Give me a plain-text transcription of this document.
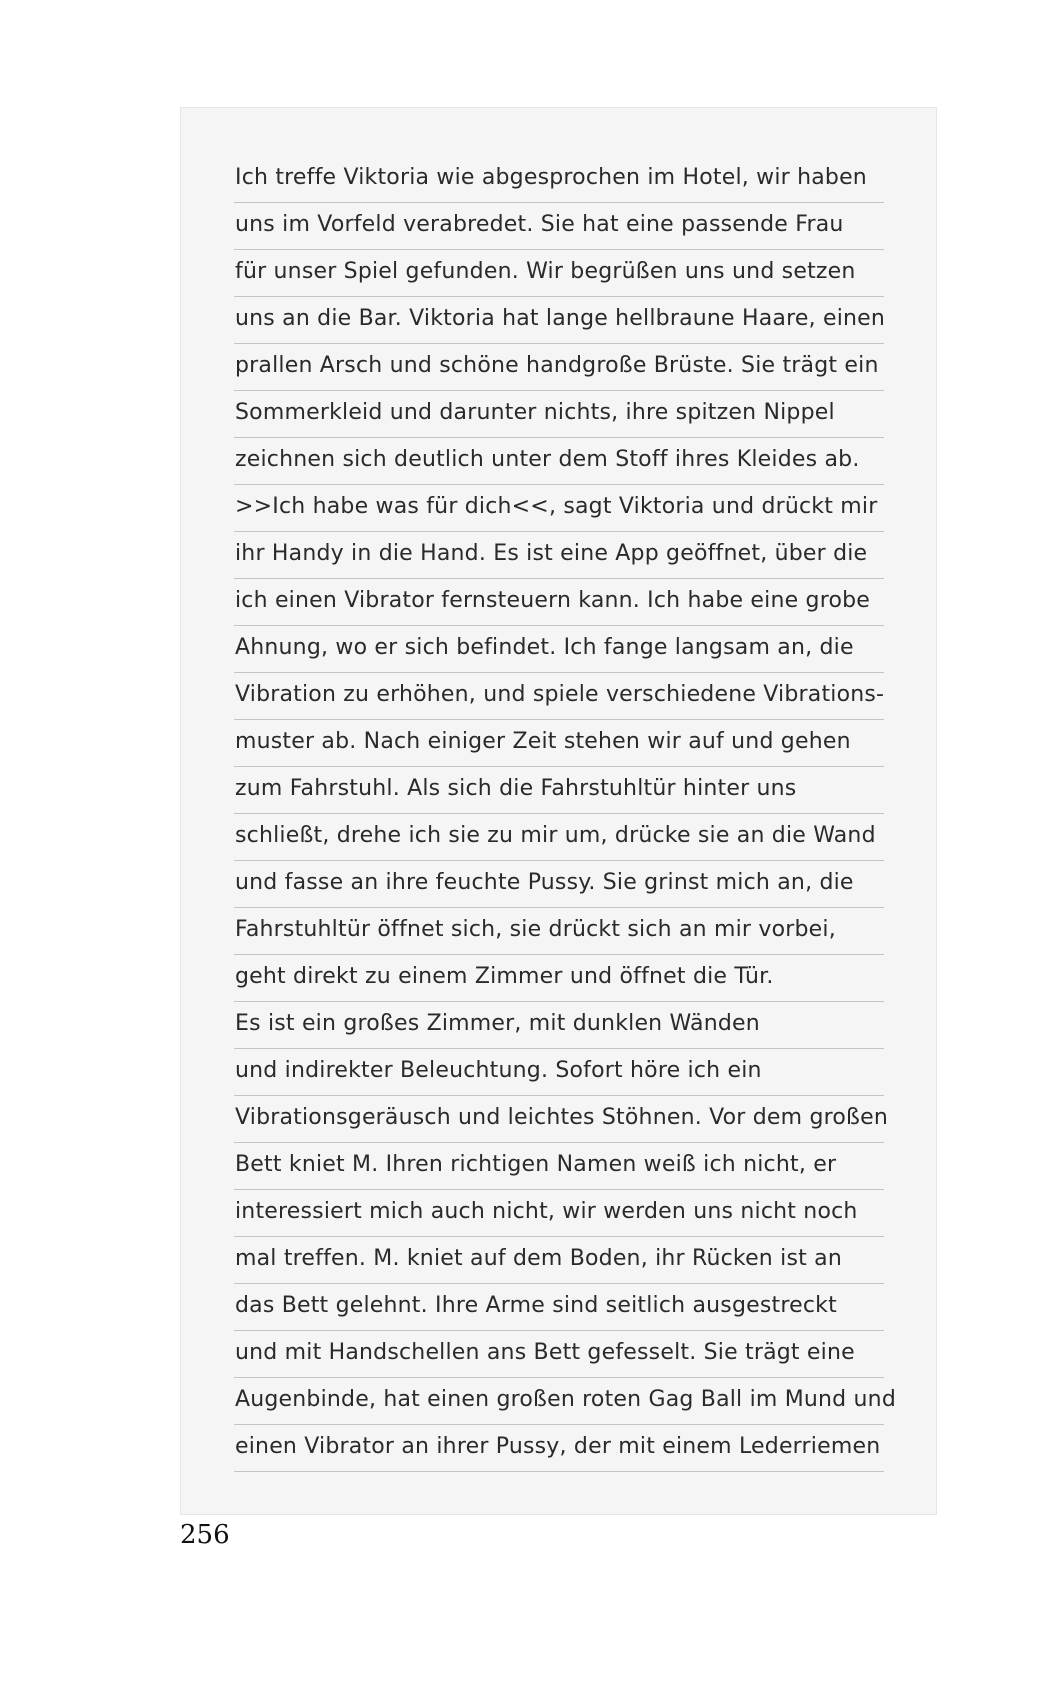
Ich treffe Viktoria wie abgesprochen im Hotel, wir haben
uns im Vorfeld verabredet. Sie hat eine passende Frau
für unser Spiel gefunden. Wir begrüßen uns und setzen
uns an die Bar. Viktoria hat lange hellbraune Haare, einen
prallen Arsch und schöne handgroße Brüste. Sie trägt ein
Sommerkleid und darunter nichts, ihre spitzen Nippel
zeichnen sich deutlich unter dem Stoff ihres Kleides ab.
>>Ich habe was für dich<<, sagt Viktoria und drückt mir
ihr Handy in die Hand. Es ist eine App geöffnet, über die
ich einen Vibrator fernsteuern kann. Ich habe eine grobe
Ahnung, wo er sich befindet. Ich fange langsam an, die
Vibration zu erhöhen, und spiele verschiedene Vibrations-
muster ab. Nach einiger Zeit stehen wir auf und gehen
zum Fahrstuhl. Als sich die Fahrstuhltür hinter uns
schließt, drehe ich sie zu mir um, drücke sie an die Wand
und fasse an ihre feuchte Pussy. Sie grinst mich an, die
Fahrstuhltür öffnet sich, sie drückt sich an mir vorbei,
geht direkt zu einem Zimmer und öffnet die Tür.
Es ist ein großes Zimmer, mit dunklen Wänden
und indirekter Beleuchtung. Sofort höre ich ein
Vibrationsgeräusch und leichtes Stöhnen. Vor dem großen
Bett kniet M. Ihren richtigen Namen weiß ich nicht, er
interessiert mich auch nicht, wir werden uns nicht noch
mal treffen. M. kniet auf dem Boden, ihr Rücken ist an
das Bett gelehnt. Ihre Arme sind seitlich ausgestreckt
und mit Handschellen ans Bett gefesselt. Sie trägt eine
Augenbinde, hat einen großen roten Gag Ball im Mund und
einen Vibrator an ihrer Pussy, der mit einem Lederriemen
256
